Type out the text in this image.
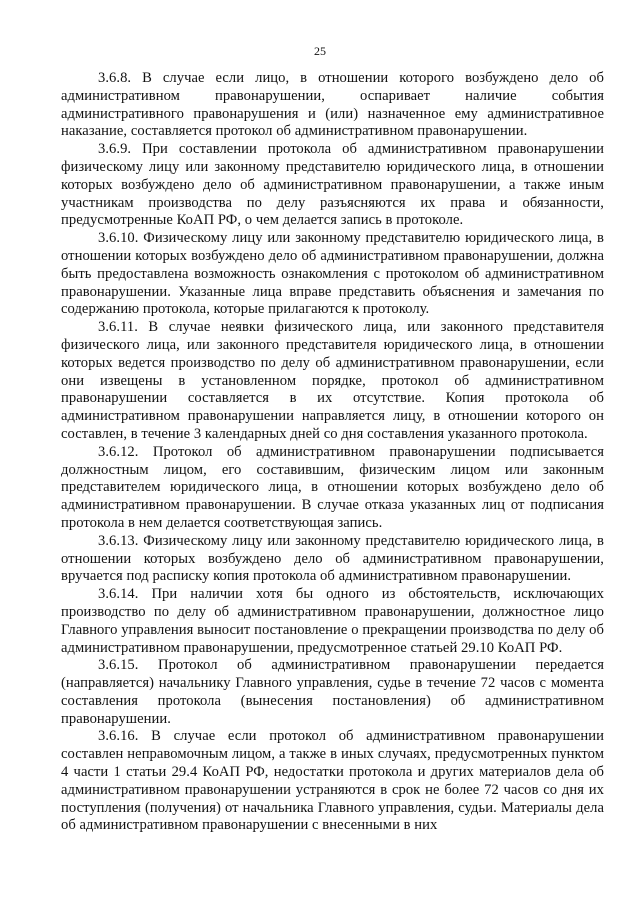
25

3.6.8. В случае если лицо, в отношении которого возбуждено дело об административном правонарушении, оспаривает наличие события административного правонарушения и (или) назначенное ему административное наказание, составляется протокол об административном правонарушении.

3.6.9. При составлении протокола об административном правонарушении физическому лицу или законному представителю юридического лица, в отношении которых возбуждено дело об административном правонарушении, а также иным участникам производства по делу разъясняются их права и обязанности, предусмотренные КоАП РФ, о чем делается запись в протоколе.

3.6.10. Физическому лицу или законному представителю юридического лица, в отношении которых возбуждено дело об административном правонарушении, должна быть предоставлена возможность ознакомления с протоколом об административном правонарушении. Указанные лица вправе представить объяснения и замечания по содержанию протокола, которые прилагаются к протоколу.

3.6.11. В случае неявки физического лица, или законного представителя физического лица, или законного представителя юридического лица, в отношении которых ведется производство по делу об административном правонарушении, если они извещены в установленном порядке, протокол об административном правонарушении составляется в их отсутствие. Копия протокола об административном правонарушении направляется лицу, в отношении которого он составлен, в течение 3 календарных дней со дня составления указанного протокола.

3.6.12. Протокол об административном правонарушении подписывается должностным лицом, его составившим, физическим лицом или законным представителем юридического лица, в отношении которых возбуждено дело об административном правонарушении. В случае отказа указанных лиц от подписания протокола в нем делается соответствующая запись.

3.6.13. Физическому лицу или законному представителю юридического лица, в отношении которых возбуждено дело об административном правонарушении, вручается под расписку копия протокола об административном правонарушении.

3.6.14. При наличии хотя бы одного из обстоятельств, исключающих производство по делу об административном правонарушении, должностное лицо Главного управления выносит постановление о прекращении производства по делу об административном правонарушении, предусмотренное статьей 29.10 КоАП РФ.

3.6.15. Протокол об административном правонарушении передается (направляется) начальнику Главного управления, судье в течение 72 часов с момента составления протокола (вынесения постановления) об административном правонарушении.

3.6.16. В случае если протокол об административном правонарушении составлен неправомочным лицом, а также в иных случаях, предусмотренных пунктом 4 части 1 статьи 29.4 КоАП РФ, недостатки протокола и других материалов дела об административном правонарушении устраняются в срок не более 72 часов со дня их поступления (получения) от начальника Главного управления, судьи. Материалы дела об административном правонарушении с внесенными в них
